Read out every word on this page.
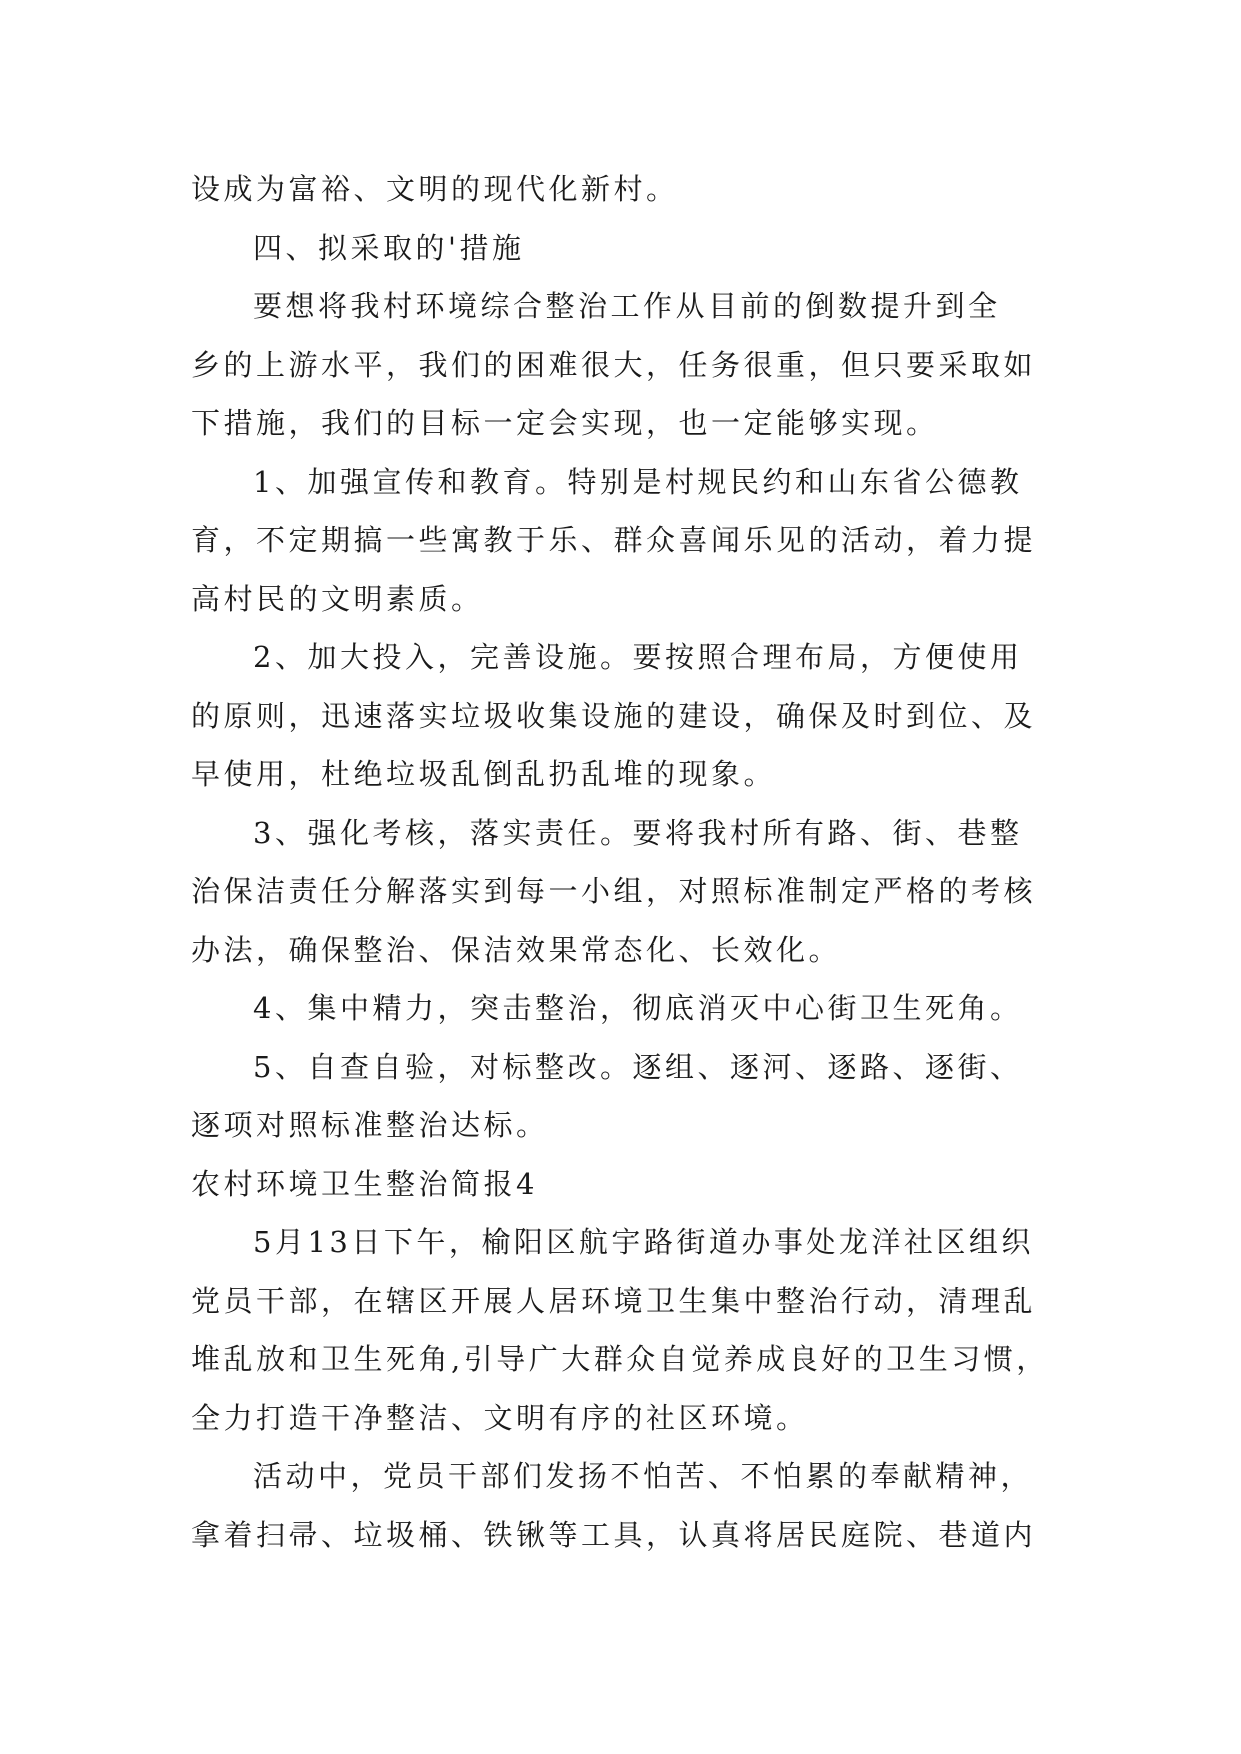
设成为富裕、文明的现代化新村。

四、拟采取的'措施

要想将我村环境综合整治工作从目前的倒数提升到全
乡的上游水平，我们的困难很大，任务很重，但只要采取如
下措施，我们的目标一定会实现，也一定能够实现。

1、加强宣传和教育。特别是村规民约和山东省公德教
育，不定期搞一些寓教于乐、群众喜闻乐见的活动，着力提
高村民的文明素质。

2、加大投入，完善设施。要按照合理布局，方便使用
的原则，迅速落实垃圾收集设施的建设，确保及时到位、及
早使用，杜绝垃圾乱倒乱扔乱堆的现象。

3、强化考核，落实责任。要将我村所有路、街、巷整
治保洁责任分解落实到每一小组，对照标准制定严格的考核
办法，确保整治、保洁效果常态化、长效化。

4、集中精力，突击整治，彻底消灭中心街卫生死角。

5、自查自验，对标整改。逐组、逐河、逐路、逐街、
逐项对照标准整治达标。

农村环境卫生整治简报4

5月13日下午，榆阳区航宇路街道办事处龙洋社区组织
党员干部，在辖区开展人居环境卫生集中整治行动，清理乱
堆乱放和卫生死角,引导广大群众自觉养成良好的卫生习惯，
全力打造干净整洁、文明有序的社区环境。

活动中，党员干部们发扬不怕苦、不怕累的奉献精神，
拿着扫帚、垃圾桶、铁锹等工具，认真将居民庭院、巷道内
